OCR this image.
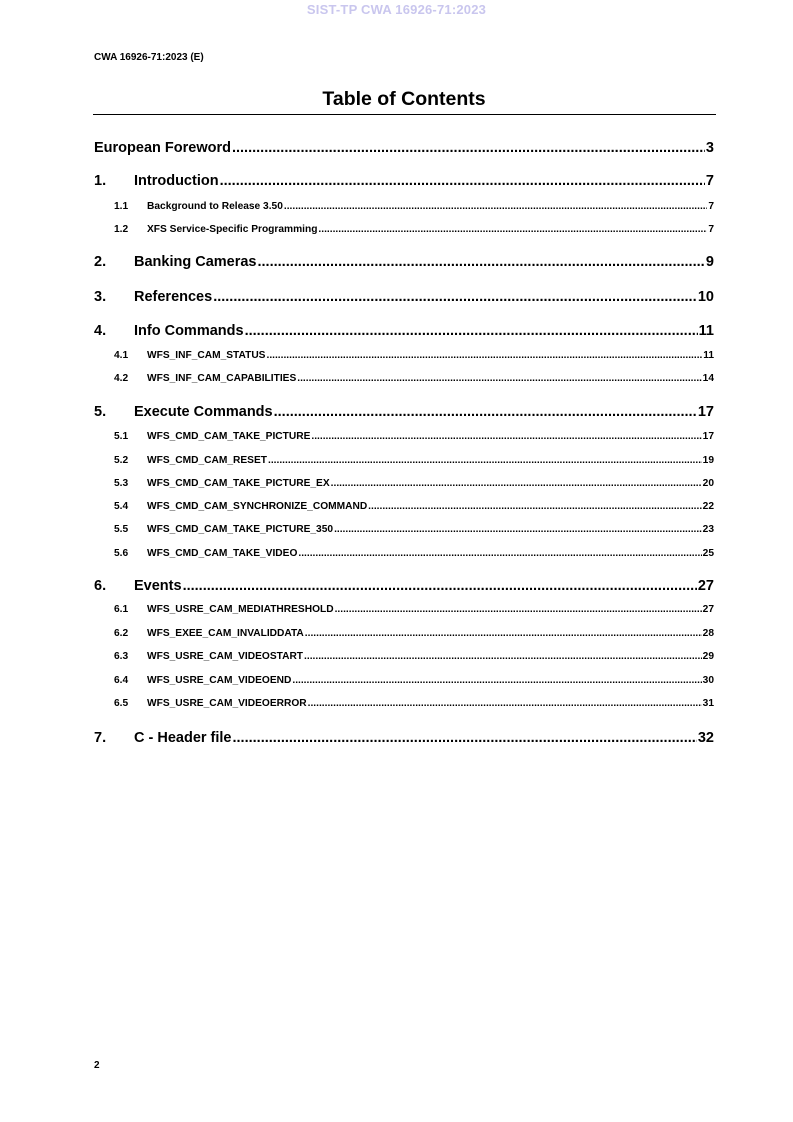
SIST-TP CWA 16926-71:2023
CWA 16926-71:2023 (E)
Table of Contents
European Foreword .....	3
1.	Introduction .....	7
1.1	Background to Release 3.50 .....	7
1.2	XFS Service-Specific Programming .....	7
2.	Banking Cameras .....	9
3.	References .....	10
4.	Info Commands .....	11
4.1	WFS_INF_CAM_STATUS .....	11
4.2	WFS_INF_CAM_CAPABILITIES .....	14
5.	Execute Commands .....	17
5.1	WFS_CMD_CAM_TAKE_PICTURE .....	17
5.2	WFS_CMD_CAM_RESET .....	19
5.3	WFS_CMD_CAM_TAKE_PICTURE_EX .....	20
5.4	WFS_CMD_CAM_SYNCHRONIZE_COMMAND .....	22
5.5	WFS_CMD_CAM_TAKE_PICTURE_350 .....	23
5.6	WFS_CMD_CAM_TAKE_VIDEO .....	25
6.	Events .....	27
6.1	WFS_USRE_CAM_MEDIATHRESHOLD .....	27
6.2	WFS_EXEE_CAM_INVALIDDATA .....	28
6.3	WFS_USRE_CAM_VIDEOSTART .....	29
6.4	WFS_USRE_CAM_VIDEOEND .....	30
6.5	WFS_USRE_CAM_VIDEOERROR .....	31
7.	C - Header file .....	32
2
